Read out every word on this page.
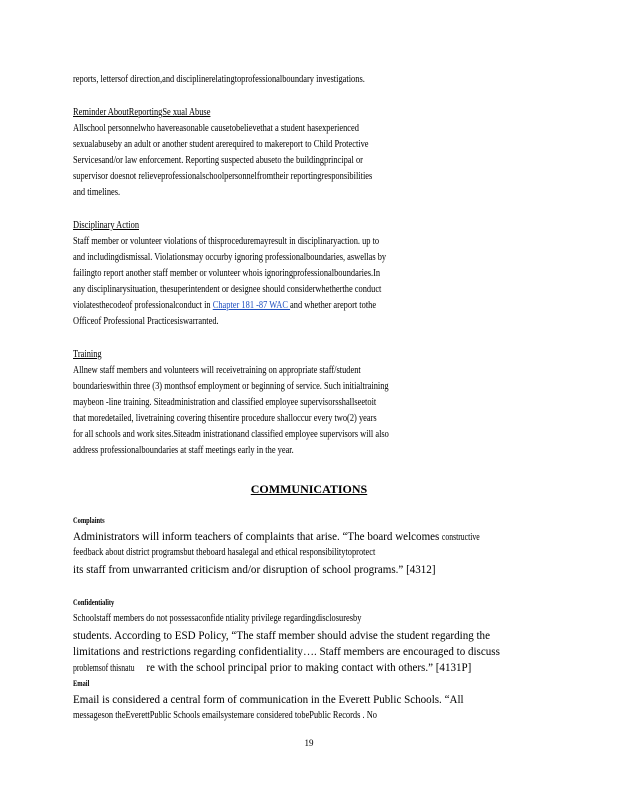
reports, lettersof direction,and disciplinerelatingtoprofessionalboundary investigations.
Reminder AboutReportingSe xual Abuse
Allschool personnelwho havereasonable causetobelievethat a student hasexperienced
sexualabuseby an adult or another student arerequired to makereport to Child Protective
Servicesand/or law enforcement. Reporting suspected abuseto the buildingprincipal or
supervisor doesnot relieveprofessionalschoolpersonnelfromtheir reportingresponsibilities
and timelines.
Disciplinary Action
Staff member or volunteer violations of thisproceduremayresult in disciplinaryaction. up to
and includingdismissal. Violationsmay occurby ignoring professionalboundaries, aswellas by
failingto report another staff member or volunteer whois ignoringprofessionalboundaries.In
any disciplinarysituation, thesuperintendent or designee should considerwhetherthe conduct
violatesthecodeof professionalconduct in Chapter 181 -87 WAC and whether areport tothe
Officeof Professional Practicesiswarranted.
Training
Allnew staff members and volunteers will receivetraining on appropriate staff/student
boundarieswithin three (3) monthsof employment or beginning of service. Such initialtraining
maybeon -line training. Siteadministration and classified employee supervisorsshallseetoit
that moredetailed, livetraining covering thisentire procedure shalloccur every two(2) years
for all schools and work sites.Siteadm inistrationand classified employee supervisors will also
address professionalboundaries at staff meetings early in the year.
COMMUNICATIONS
Complaints
Administrators will inform teachers of complaints that arise. “The board welcomes constructive
feedback about district programsbut theboard hasalegal and ethical responsibilitytoprotect
its staff from unwarranted criticism and/or disruption of school programs.” [4312]
Confidentiality
Schoolstaff members do not possessaconfide ntiality privilege regardingdisclosuresby
students. According to ESD Policy, “The staff member should advise the student regarding the
limitations and restrictions regarding confidentiality…. Staff members are encouraged to discuss
problemsof thisnature with the school principal prior to making contact with others.” [4131P]
Email
Email is considered a central form of communication in the Everett Public Schools. “All
messageson theEverettPublic Schools emailsystemare considered tobePublic Records . No
19
